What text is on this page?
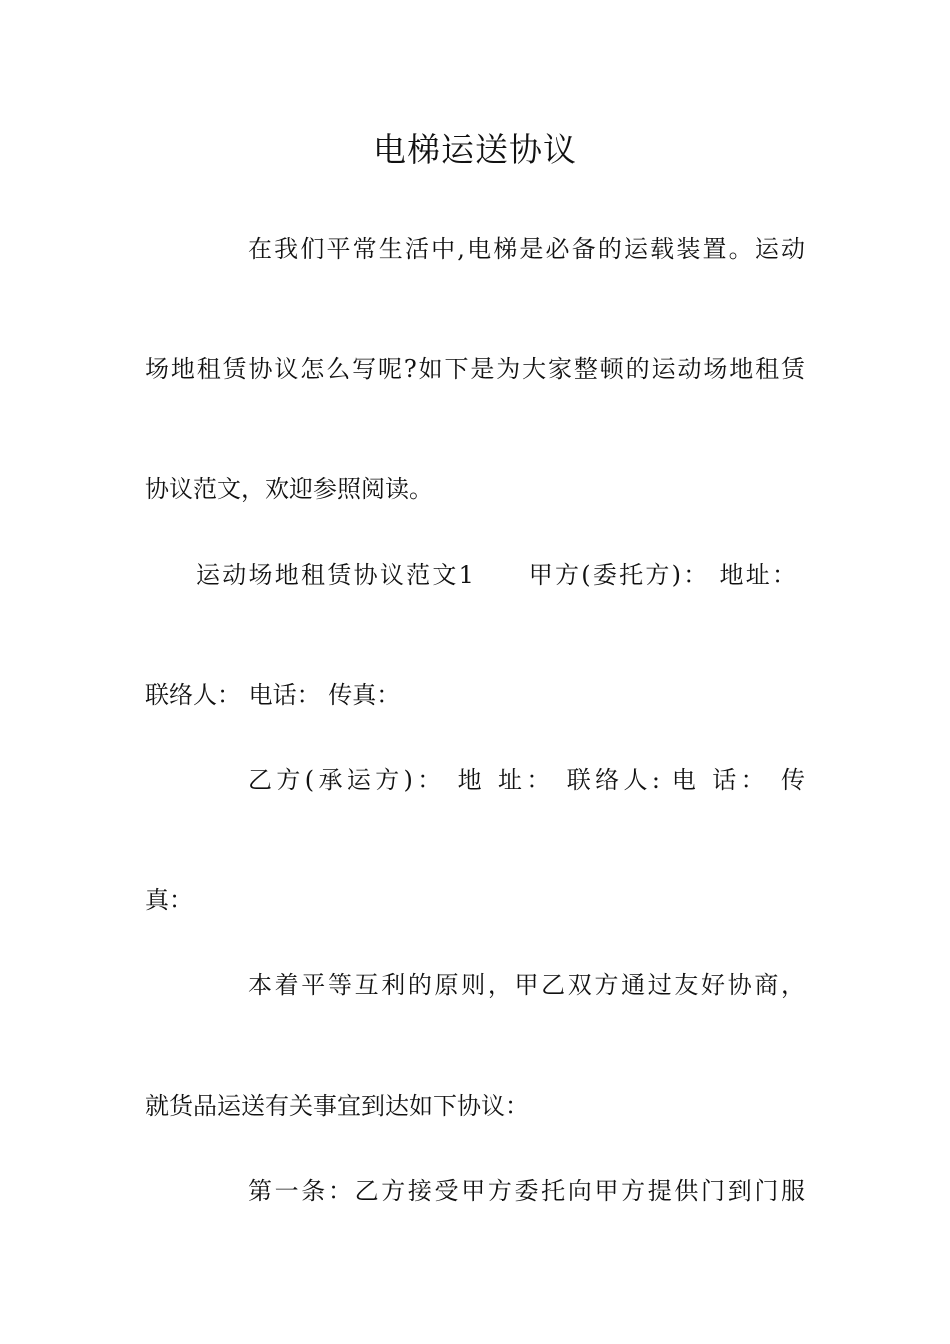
电梯运送协议
在我们平常生活中,电梯是必备的运载装置。运动
场地租赁协议怎么写呢?如下是为大家整顿的运动场地租赁
协议范文，欢迎参照阅读。
运动场地租赁协议范文1　　甲方(委托方)： 地址：
联络人： 电话： 传真：
乙方(承运方)： 地 址： 联络人: 电 话： 传
真：
本着平等互利的原则，甲乙双方通过友好协商，
就货品运送有关事宜到达如下协议：
第一条：乙方接受甲方委托向甲方提供门到门服
